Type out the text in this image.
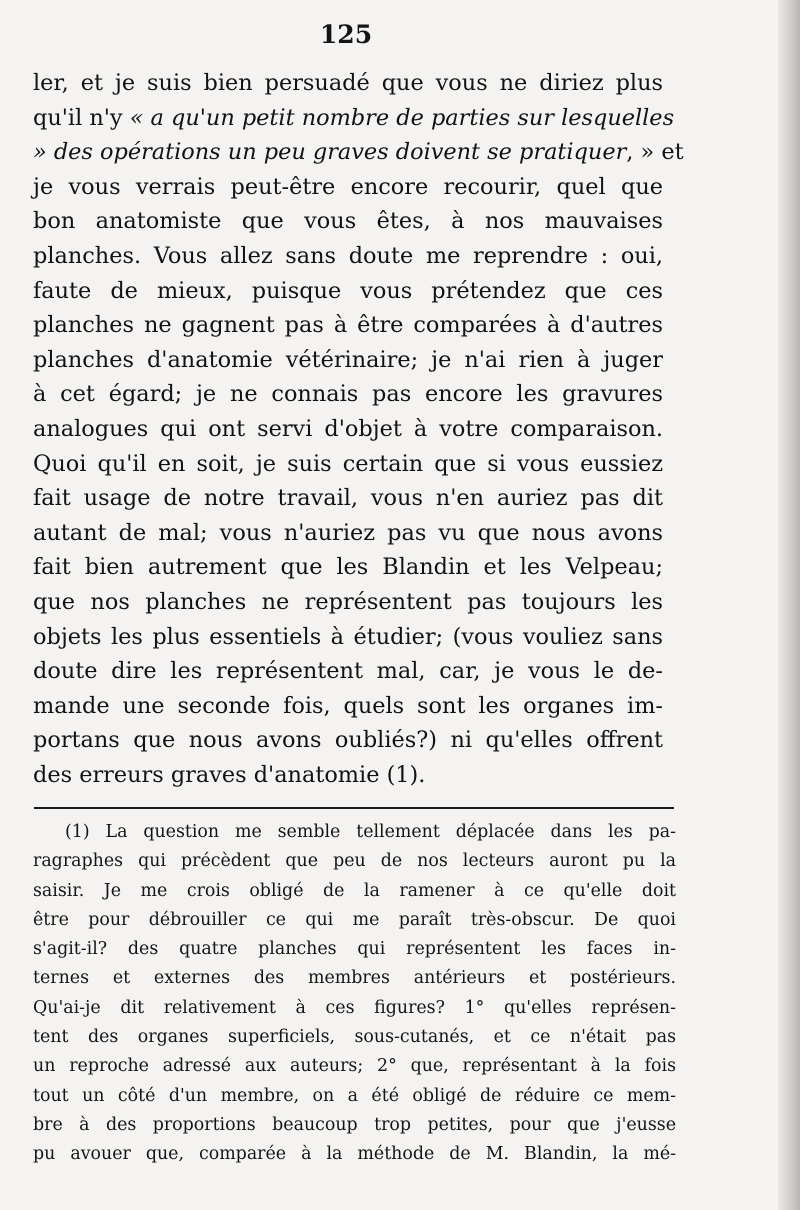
125
ler, et je suis bien persuadé que vous ne diriez plus
qu'il n'y « a qu'un petit nombre de parties sur lesquelles
» des opérations un peu graves doivent se pratiquer, » et
je vous verrais peut-être encore recourir, quel que
bon anatomiste que vous êtes, à nos mauvaises
planches. Vous allez sans doute me reprendre : oui,
faute de mieux, puisque vous prétendez que ces
planches ne gagnent pas à être comparées à d'autres
planches d'anatomie vétérinaire; je n'ai rien à juger
à cet égard; je ne connais pas encore les gravures
analogues qui ont servi d'objet à votre comparaison.
Quoi qu'il en soit, je suis certain que si vous eussiez
fait usage de notre travail, vous n'en auriez pas dit
autant de mal; vous n'auriez pas vu que nous avons
fait bien autrement que les Blandin et les Velpeau;
que nos planches ne représentent pas toujours les
objets les plus essentiels à étudier; (vous vouliez sans
doute dire les représentent mal, car, je vous le de-
mande une seconde fois, quels sont les organes im-
portans que nous avons oubliés?) ni qu'elles offrent
des erreurs graves d'anatomie (1).
(1) La question me semble tellement déplacée dans les pa-
ragraphes qui précèdent que peu de nos lecteurs auront pu la
saisir. Je me crois obligé de la ramener à ce qu'elle doit
être pour débrouiller ce qui me paraît très-obscur. De quoi
s'agit-il? des quatre planches qui représentent les faces in-
ternes et externes des membres antérieurs et postérieurs.
Qu'ai-je dit relativement à ces figures? 1° qu'elles représen-
tent des organes superficiels, sous-cutanés, et ce n'était pas
un reproche adressé aux auteurs; 2° que, représentant à la fois
tout un côté d'un membre, on a été obligé de réduire ce mem-
bre à des proportions beaucoup trop petites, pour que j'eusse
pu avouer que, comparée à la méthode de M. Blandin, la mé-
